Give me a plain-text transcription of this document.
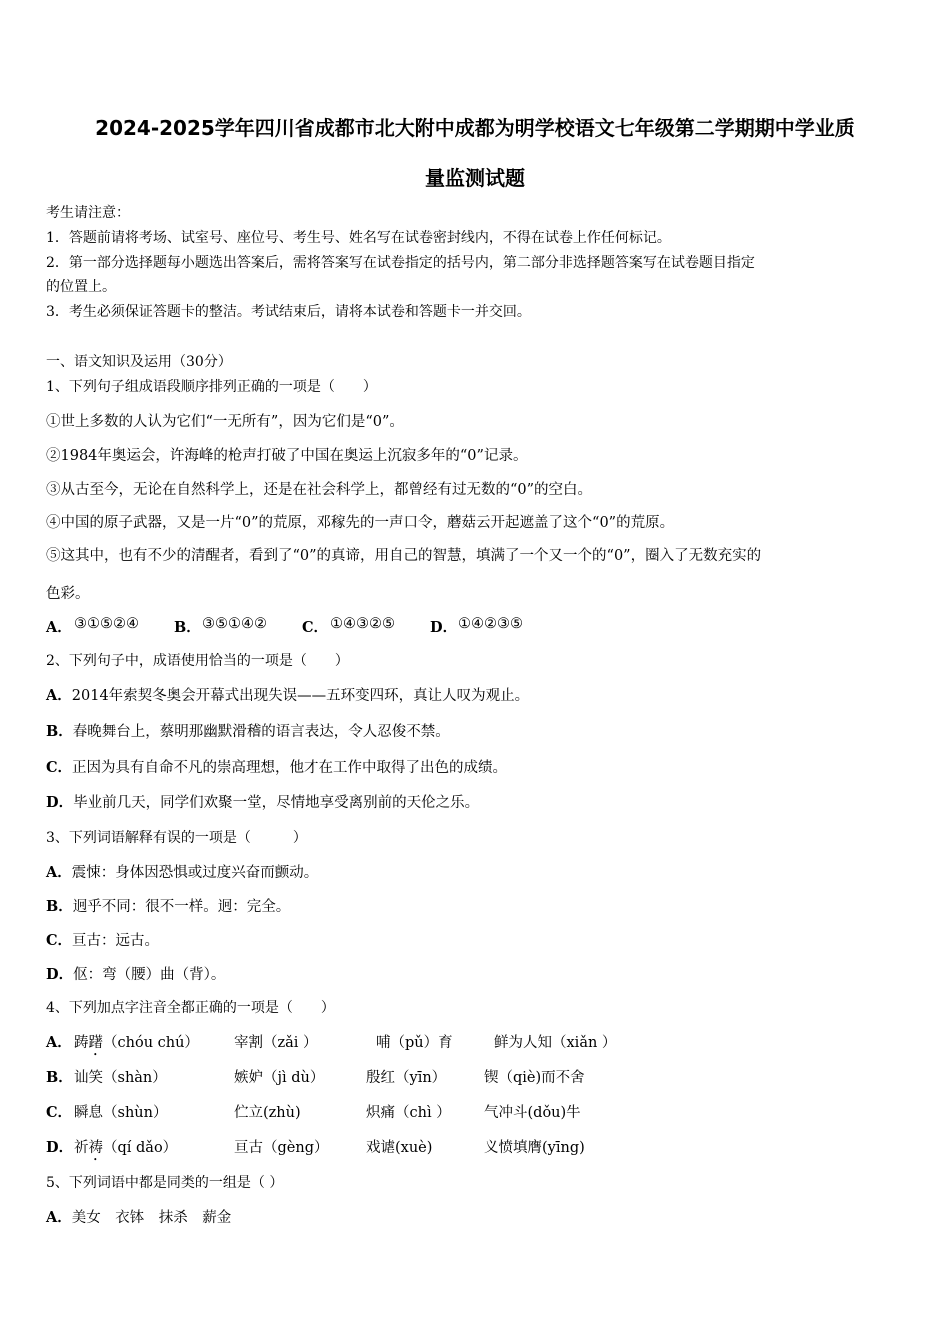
2024-2025学年四川省成都市北大附中成都为明学校语文七年级第二学期期中学业质
量监测试题
考生请注意：
1．答题前请将考场、试室号、座位号、考生号、姓名写在试卷密封线内，不得在试卷上作任何标记。
2．第一部分选择题每小题选出答案后，需将答案写在试卷指定的括号内，第二部分非选择题答案写在试卷题目指定
的位置上。
3．考生必须保证答题卡的整洁。考试结束后，请将本试卷和答题卡一并交回。
一、语文知识及运用（30分）
1、下列句子组成语段顺序排列正确的一项是（　　）
①世上多数的人认为它们“一无所有”，因为它们是“0”。
②1984年奥运会，许海峰的枪声打破了中国在奥运上沉寂多年的“0”记录。
③从古至今，无论在自然科学上，还是在社会科学上，都曾经有过无数的“0”的空白。
④中国的原子武器，又是一片“0”的荒原，邓稼先的一声口令，蘑菇云开起遮盖了这个“0”的荒原。
⑤这其中，也有不少的清醒者，看到了“0”的真谛，用自己的智慧，填满了一个又一个的“0”，圈入了无数充实的
色彩。
A． ③①⑤②④ B． ③⑤①④② C． ①④③②⑤ D． ①④②③⑤
2、下列句子中，成语使用恰当的一项是（　　）
A．2014年索契冬奥会开幕式出现失误——五环变四环，真让人叹为观止。
B．春晚舞台上，蔡明那幽默滑稽的语言表达，令人忍俊不禁。
C．正因为具有自命不凡的崇高理想，他才在工作中取得了出色的成绩。
D．毕业前几天，同学们欢聚一堂，尽情地享受离别前的天伦之乐。
3、下列词语解释有误的一项是（　　　）
A．震悚：身体因恐惧或过度兴奋而颤动。
B．迥乎不同：很不一样。迥：完全。
C．亘古：远古。
D．伛：弯（腰）曲（背）。
4、下列加点字注音全都正确的一项是（　　）
A． 踌躇（chóu chú） 宰割（zǎi ）	哺（pǔ）育	鲜为人知（xiǎn ）
B． 讪笑（shàn）	嫉妒（jì dù）	殷红（yīn）	锲（qiè)而不舍
C． 瞬息（shùn）	伫立(zhù)	炽痛（chì ） 气冲斗(dǒu)牛
D． 祈祷（qí dǎo）	亘古（gèng）	戏谑(xuè)	义愤填膺(yīng)
5、下列词语中都是同类的一组是（ ）
A．美女　衣钵　抹杀　薪金
